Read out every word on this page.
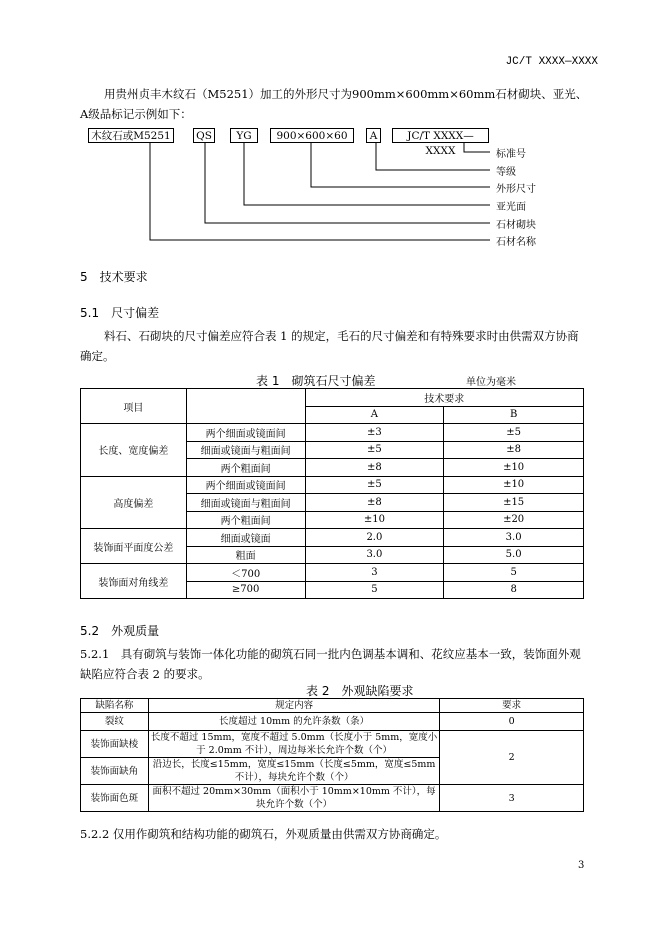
JC/T XXXX—XXXX
用贵州贞丰木纹石（M5251）加工的外形尺寸为900mm×600mm×60mm石材砌块、亚光、A级品标记示例如下：
木纹石或M5251	QS	YG	900×600×60	A	JC/T XXXX—XXXX	标准号
等级
外形尺寸
亚光面
石材砌块
石材名称
5　技术要求
5.1　尺寸偏差
料石、石砌块的尺寸偏差应符合表 1 的规定，毛石的尺寸偏差和有特殊要求时由供需双方协商确定。
表 1　砌筑石尺寸偏差	单位为毫米
项目		技术要求	
		A	B
长度、宽度偏差	两个细面或镜面间	±3	±5
	细面或镜面与粗面间	±5	±8
	两个粗面间	±8	±10
高度偏差	两个细面或镜面间	±5	±10
	细面或镜面与粗面间	±8	±15
	两个粗面间	±10	±20
装饰面平面度公差	细面或镜面	2.0	3.0
	粗面	3.0	5.0
装饰面对角线差	＜700	3	5
	≥700	5	8
5.2　外观质量
5.2.1　具有砌筑与装饰一体化功能的砌筑石同一批内色调基本调和、花纹应基本一致，装饰面外观缺陷应符合表 2 的要求。
表 2　外观缺陷要求
缺陷名称	规定内容	要求
裂纹	长度超过 10mm 的允许条数（条）	0
装饰面缺棱	长度不超过 15mm，宽度不超过 5.0mm（长度小于 5mm，宽度小于 2.0mm 不计），周边每米长允许个数（个）	2
装饰面缺角	沿边长，长度≤15mm，宽度≤15mm（长度≤5mm，宽度≤5mm 不计），每块允许个数（个）	
装饰面色斑	面积不超过 20mm×30mm（面积小于 10mm×10mm 不计），每块允许个数（个）	3
5.2.2 仅用作砌筑和结构功能的砌筑石，外观质量由供需双方协商确定。
3
